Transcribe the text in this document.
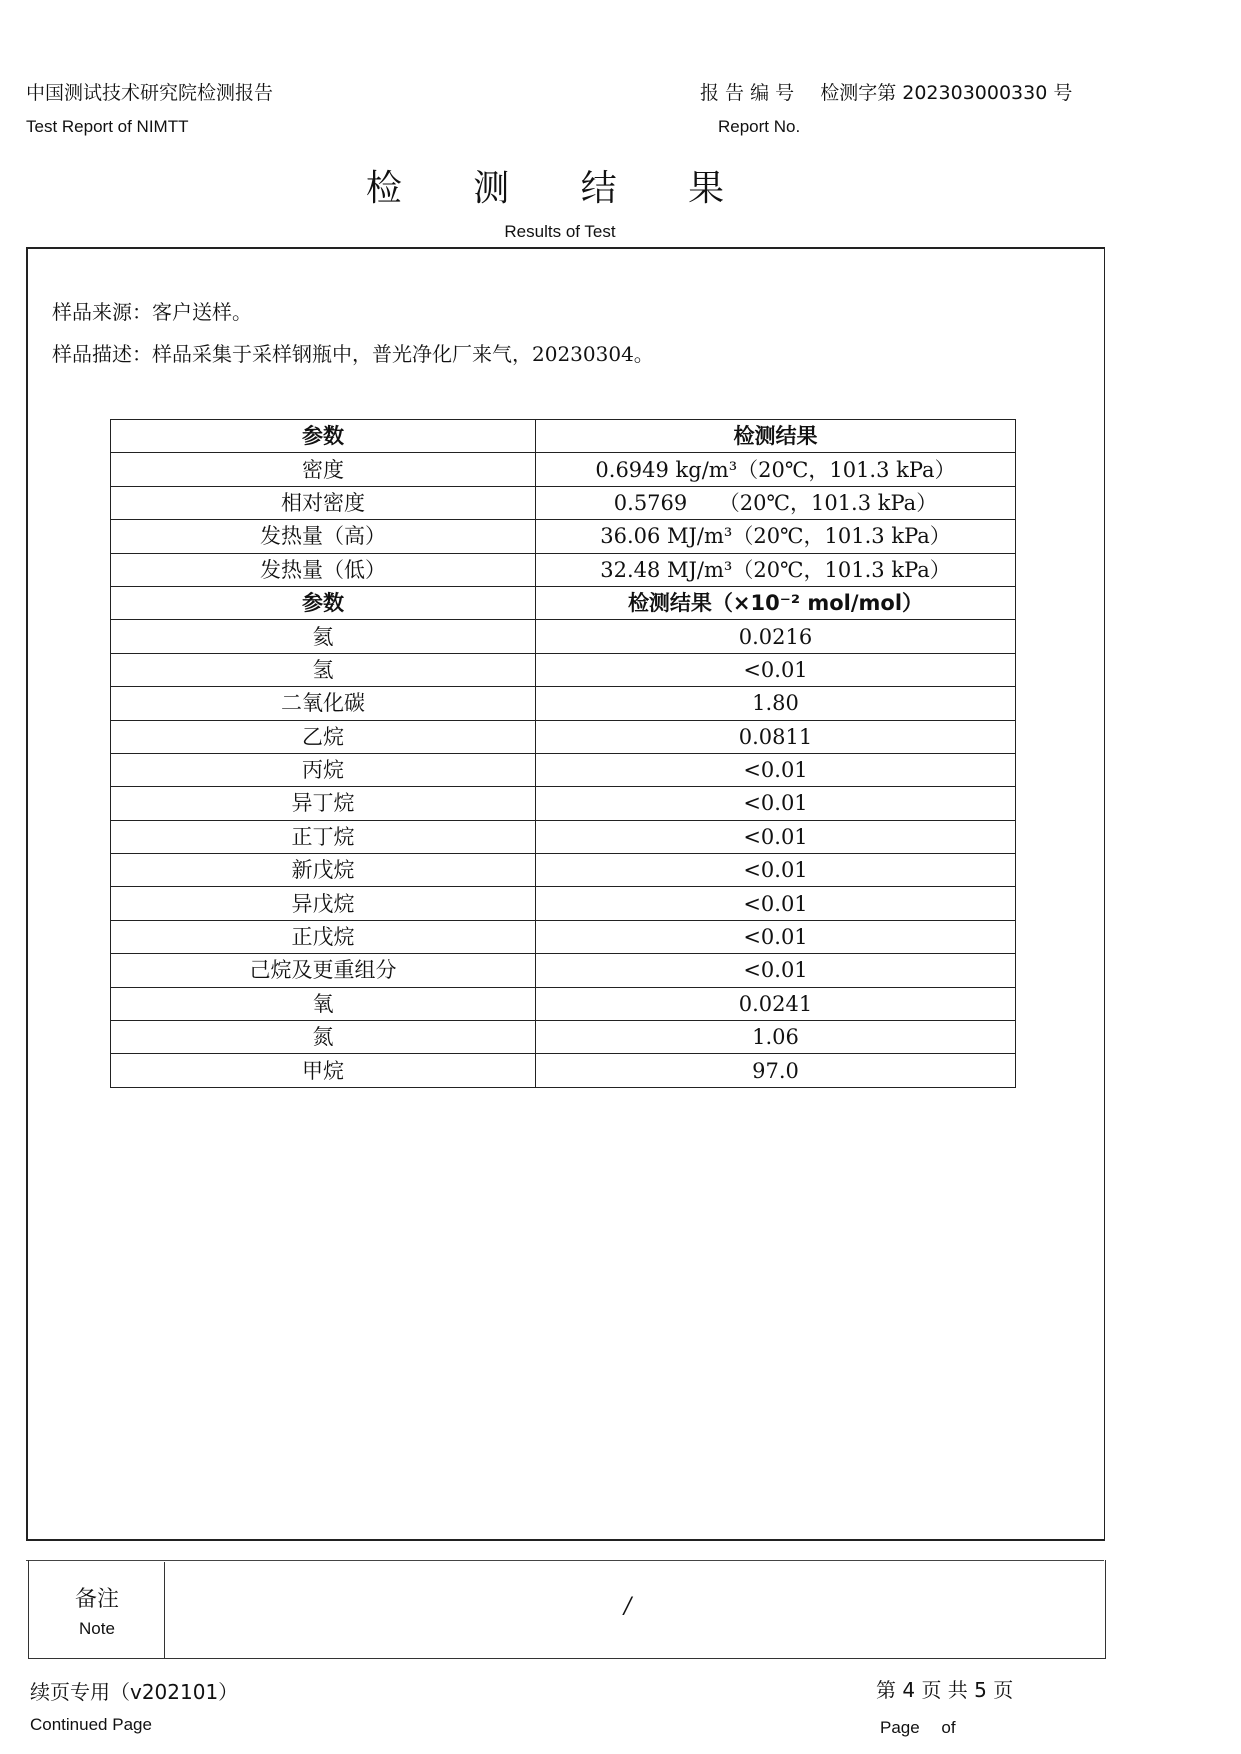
中国测试技术研究院检测报告
Test Report of NIMTT
报 告 编 号 检测字第 202303000330 号
Report No.
检 测 结 果
Results of Test
样品来源：客户送样。
样品描述：样品采集于采样钢瓶中，普光净化厂来气，20230304。
参数	检测结果
密度	0.6949 kg/m³（20℃，101.3 kPa）
相对密度	0.5769　　（20℃，101.3 kPa）
发热量（高）	36.06 MJ/m³（20℃，101.3 kPa）
发热量（低）	32.48 MJ/m³（20℃，101.3 kPa）
参数	检测结果（×10⁻² mol/mol）
氦	0.0216
氢	<0.01
二氧化碳	1.80
乙烷	0.0811
丙烷	<0.01
异丁烷	<0.01
正丁烷	<0.01
新戊烷	<0.01
异戊烷	<0.01
正戊烷	<0.01
己烷及更重组分	<0.01
氧	0.0241
氮	1.06
甲烷	97.0
备注
Note
/
续页专用（v202101）
Continued Page
第 4 页 共 5 页
Page　 of
